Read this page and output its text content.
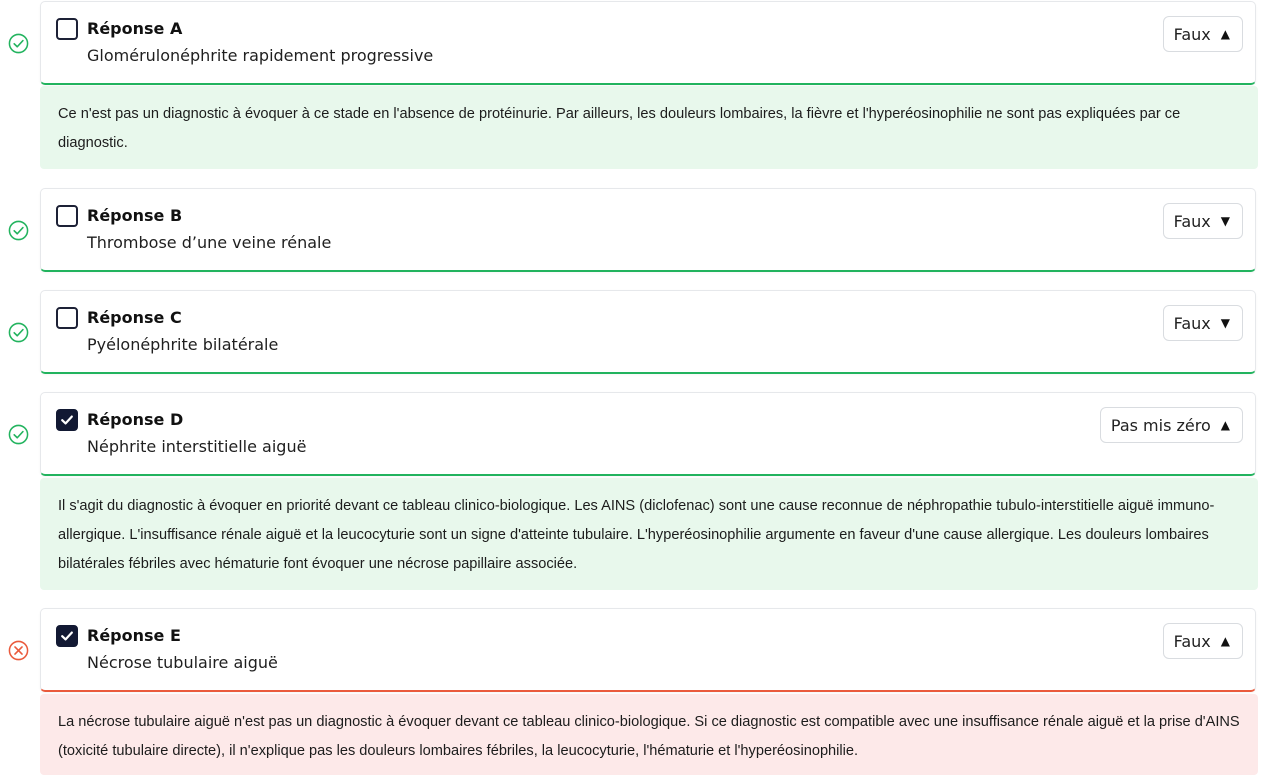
Réponse A
Glomérulonéphrite rapidement progressive
Faux ▲
Ce n'est pas un diagnostic à évoquer à ce stade en l'absence de protéinurie. Par ailleurs, les douleurs lombaires, la fièvre et l'hyperéosinophilie ne sont pas expliquées par ce diagnostic.
Réponse B
Thrombose d’une veine rénale
Faux ▼
Réponse C
Pyélonéphrite bilatérale
Faux ▼
Réponse D
Néphrite interstitielle aiguë
Pas mis zéro ▲
Il s'agit du diagnostic à évoquer en priorité devant ce tableau clinico-biologique. Les AINS (diclofenac) sont une cause reconnue de néphropathie tubulo-interstitielle aiguë immuno-allergique. L'insuffisance rénale aiguë et la leucocyturie sont un signe d'atteinte tubulaire. L'hyperéosinophilie argumente en faveur d'une cause allergique. Les douleurs lombaires bilatérales fébriles avec hématurie font évoquer une nécrose papillaire associée.
Réponse E
Nécrose tubulaire aiguë
Faux ▲
La nécrose tubulaire aiguë n'est pas un diagnostic à évoquer devant ce tableau clinico-biologique. Si ce diagnostic est compatible avec une insuffisance rénale aiguë et la prise d'AINS (toxicité tubulaire directe), il n'explique pas les douleurs lombaires fébriles, la leucocyturie, l'hématurie et l'hyperéosinophilie.
